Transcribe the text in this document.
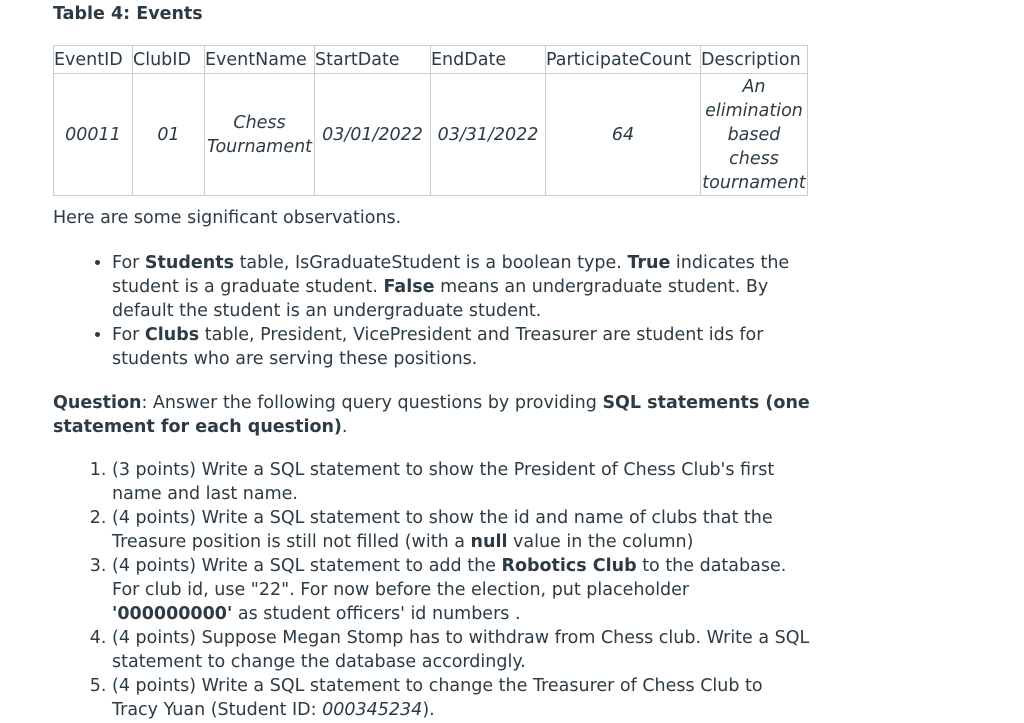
Table 4: Events
EventID	ClubID	EventName	StartDate	EndDate	ParticipateCount	Description
00011	01	Chess Tournament	03/01/2022	03/31/2022	64	An elimination based chess tournament
Here are some significant observations.
• For Students table, IsGraduateStudent is a boolean type. True indicates the student is a graduate student. False means an undergraduate student. By default the student is an undergraduate student.
• For Clubs table, President, VicePresident and Treasurer are student ids for students who are serving these positions.
Question: Answer the following query questions by providing SQL statements (one statement for each question).
1. (3 points) Write a SQL statement to show the President of Chess Club's first name and last name.
2. (4 points) Write a SQL statement to show the id and name of clubs that the Treasure position is still not filled (with a null value in the column)
3. (4 points) Write a SQL statement to add the Robotics Club to the database. For club id, use "22". For now before the election, put placeholder '000000000' as student officers' id numbers .
4. (4 points) Suppose Megan Stomp has to withdraw from Chess club. Write a SQL statement to change the database accordingly.
5. (4 points) Write a SQL statement to change the Treasurer of Chess Club to Tracy Yuan (Student ID: 000345234).
